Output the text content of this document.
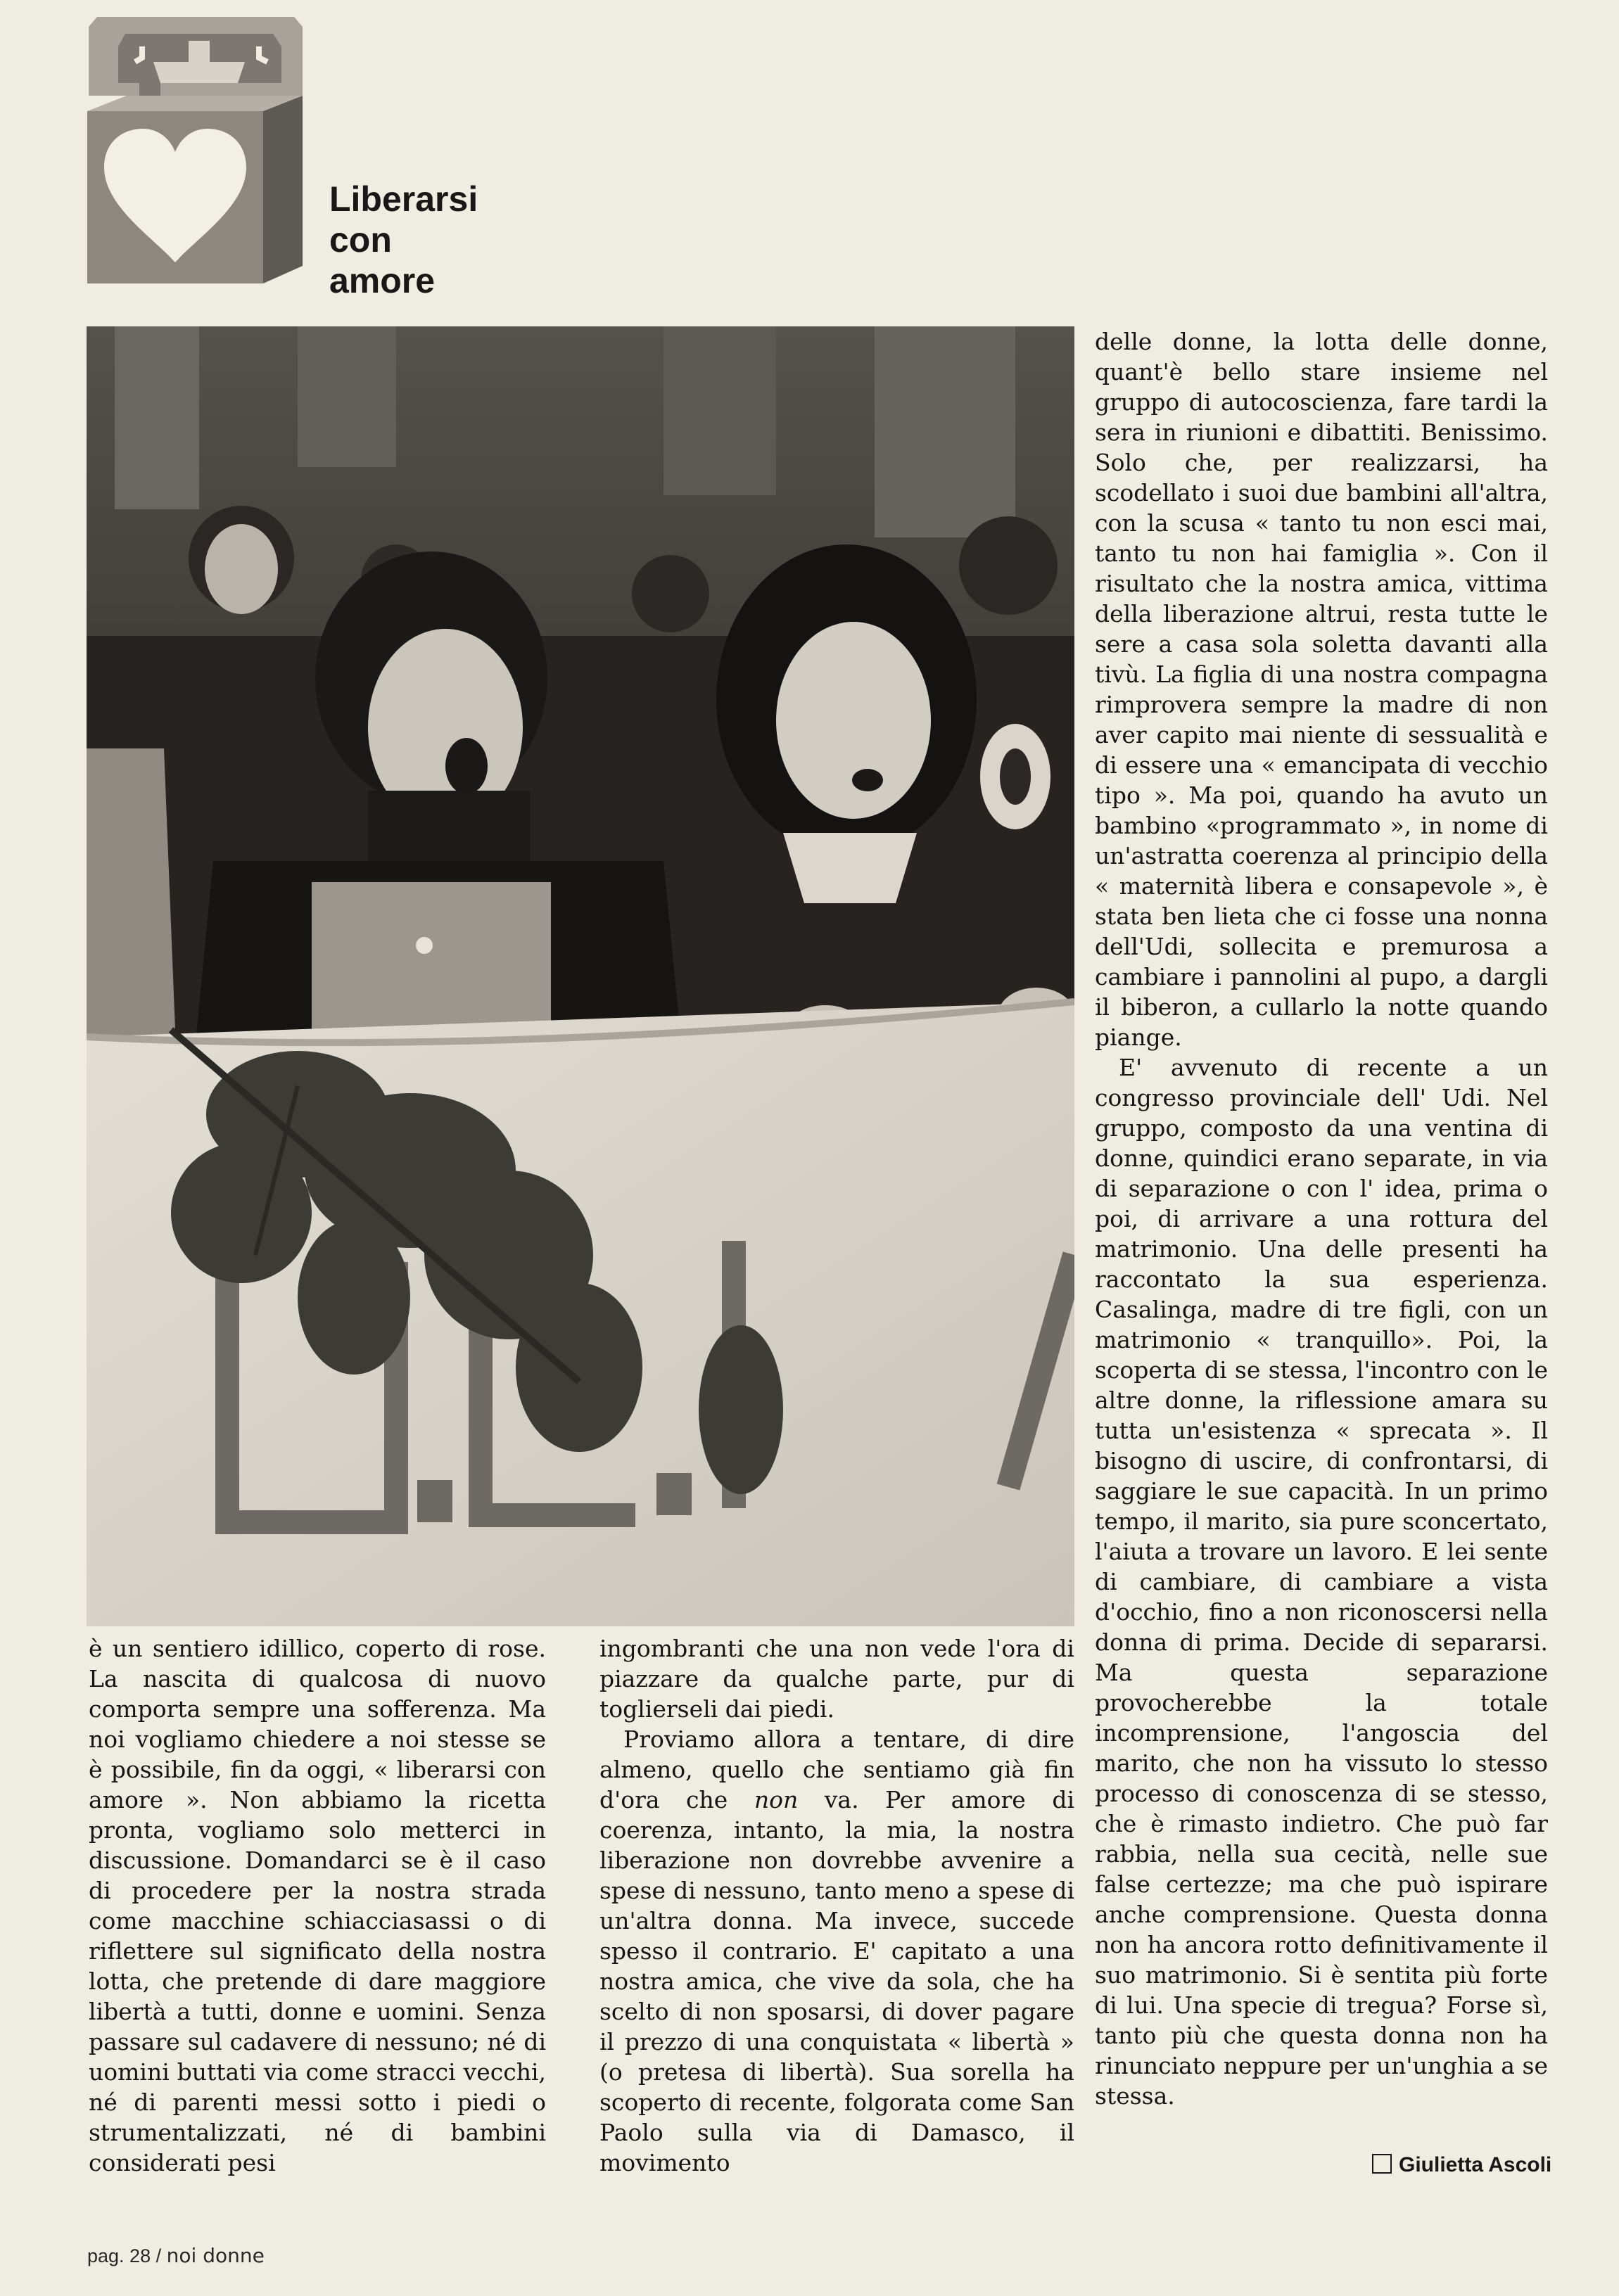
Liberarsi
con
amore

è un sentiero idillico, coperto di rose. La nascita di qualcosa di nuovo comporta sempre una sofferenza. Ma noi vogliamo chiedere a noi stesse se è possibile, fin da oggi, « liberarsi con amore ». Non abbiamo la ricetta pronta, vogliamo solo metterci in discussione. Domandarci se è il caso di procedere per la nostra strada come macchine schiacciasassi o di riflettere sul significato della nostra lotta, che pretende di dare maggiore libertà a tutti, donne e uomini. Senza passare sul cadavere di nessuno; né di uomini buttati via come stracci vecchi, né di parenti messi sotto i piedi o strumentalizzati, né di bambini considerati pesi

ingombranti che una non vede l'ora di piazzare da qualche parte, pur di toglierseli dai piedi.

Proviamo allora a tentare, di dire almeno, quello che sentiamo già fin d'ora che non va. Per amore di coerenza, intanto, la mia, la nostra liberazione non dovrebbe avvenire a spese di nessuno, tanto meno a spese di un'altra donna. Ma invece, succede spesso il contrario. E' capitato a una nostra amica, che vive da sola, che ha scelto di non sposarsi, di dover pagare il prezzo di una conquistata « libertà » (o pretesa di libertà). Sua sorella ha scoperto di recente, folgorata come San Paolo sulla via di Damasco, il movimento

delle donne, la lotta delle donne, quant'è bello stare insieme nel gruppo di autocoscienza, fare tardi la sera in riunioni e dibattiti. Benissimo. Solo che, per realizzarsi, ha scodellato i suoi due bambini all'altra, con la scusa « tanto tu non esci mai, tanto tu non hai famiglia ». Con il risultato che la nostra amica, vittima della liberazione altrui, resta tutte le sere a casa sola soletta davanti alla tivù. La figlia di una nostra compagna rimprovera sempre la madre di non aver capito mai niente di sessualità e di essere una « emancipata di vecchio tipo ». Ma poi, quando ha avuto un bambino «programmato », in nome di un'astratta coerenza al principio della « maternità libera e consapevole », è stata ben lieta che ci fosse una nonna dell'Udi, sollecita e premurosa a cambiare i pannolini al pupo, a dargli il biberon, a cullarlo la notte quando piange.

E' avvenuto di recente a un congresso provinciale dell' Udi. Nel gruppo, composto da una ventina di donne, quindici erano separate, in via di separazione o con l' idea, prima o poi, di arrivare a una rottura del matrimonio. Una delle presenti ha raccontato la sua esperienza. Casalinga, madre di tre figli, con un matrimonio « tranquillo». Poi, la scoperta di se stessa, l'incontro con le altre donne, la riflessione amara su tutta un'esistenza « sprecata ». Il bisogno di uscire, di confrontarsi, di saggiare le sue capacità. In un primo tempo, il marito, sia pure sconcertato, l'aiuta a trovare un lavoro. E lei sente di cambiare, di cambiare a vista d'occhio, fino a non riconoscersi nella donna di prima. Decide di separarsi. Ma questa separazione provocherebbe la totale incomprensione, l'angoscia del marito, che non ha vissuto lo stesso processo di conoscenza di se stesso, che è rimasto indietro. Che può far rabbia, nella sua cecità, nelle sue false certezze; ma che può ispirare anche comprensione. Questa donna non ha ancora rotto definitivamente il suo matrimonio. Si è sentita più forte di lui. Una specie di tregua? Forse sì, tanto più che questa donna non ha rinunciato neppure per un'unghia a se stessa.

Giulietta Ascoli
pag. 28 / noi donne
